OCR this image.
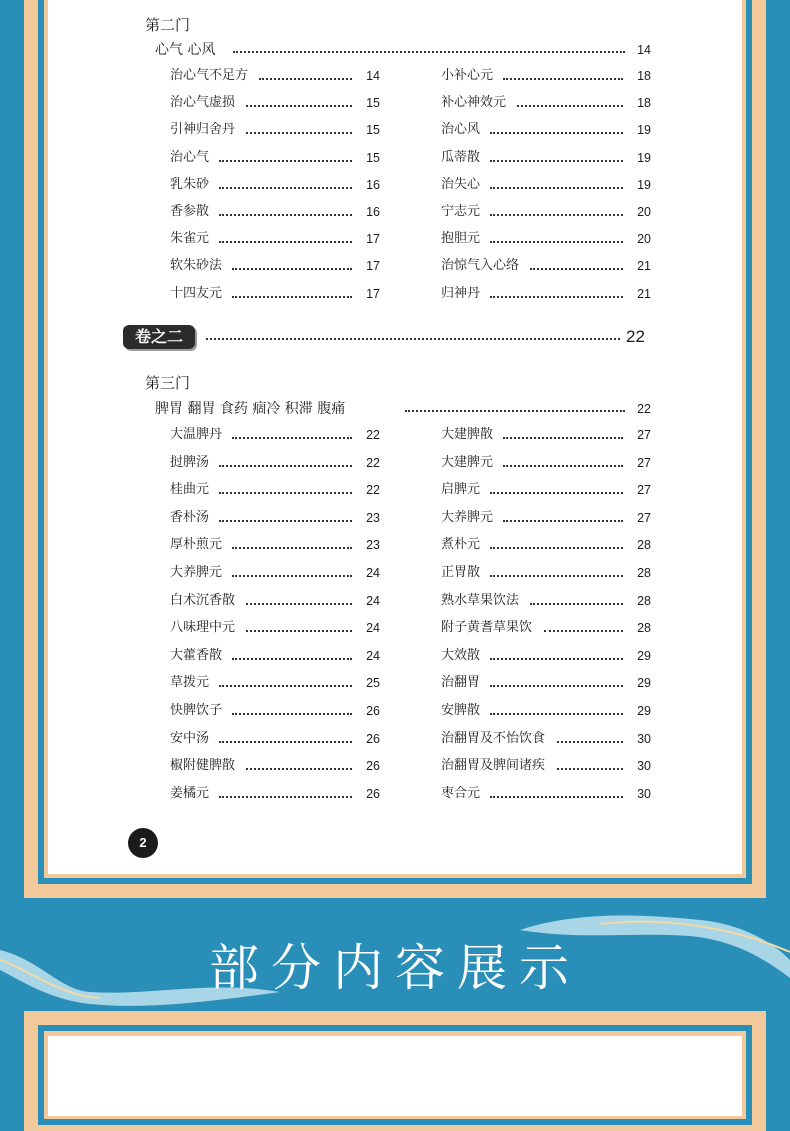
第二门
心气 心风	14
治心气不足方	14
治心气虚损	15
引神归舍丹	15
治心气	15
乳朱砂	16
香参散	16
朱雀元	17
软朱砂法	17
十四友元	17
小补心元	18
补心神效元	18
治心风	19
瓜蒂散	19
治失心	19
宁志元	20
抱胆元	20
治惊气入心络	21
归神丹	21
卷之二	22
第三门
脾胃 翻胃 食药 痼冷 积滞 腹痛	22
大温脾丹	22
挝脾汤	22
桂曲元	22
香朴汤	23
厚朴煎元	23
大养脾元	24
白术沉香散	24
八味理中元	24
大藿香散	24
草拨元	25
快脾饮子	26
安中汤	26
椒附健脾散	26
姜橘元	26
大建脾散	27
大建脾元	27
启脾元	27
大养脾元	27
煮朴元	28
正胃散	28
熟水草果饮法	28
附子黄耆草果饮	28
大效散	29
治翻胃	29
安脾散	29
治翻胃及不怡饮食	30
治翻胃及脾间诸疾	30
枣合元	30
2
部分内容展示
